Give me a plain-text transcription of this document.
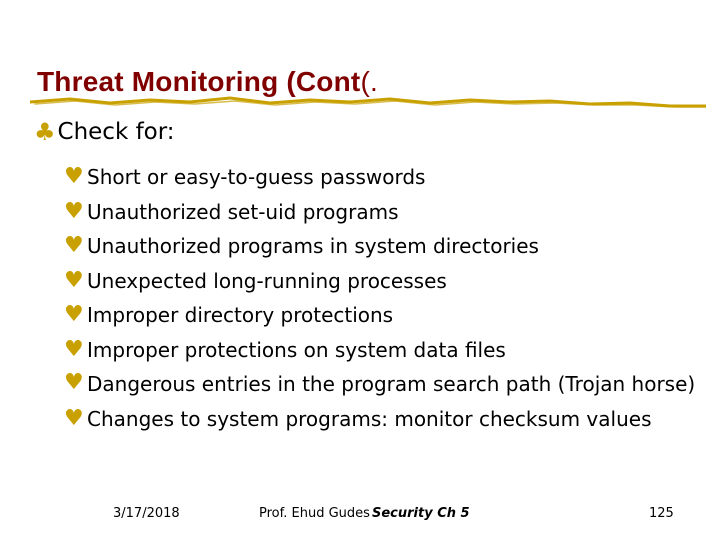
Threat Monitoring (Cont(.
♣ Check for:
♥ Short or easy-to-guess passwords
♥ Unauthorized set-uid programs
♥ Unauthorized programs in system directories
♥ Unexpected long-running processes
♥ Improper directory protections
♥ Improper protections on system data files
♥ Dangerous entries in the program search path (Trojan horse)
♥ Changes to system programs: monitor checksum values
3/17/2018	Prof. Ehud Gudes Security Ch 5	125
